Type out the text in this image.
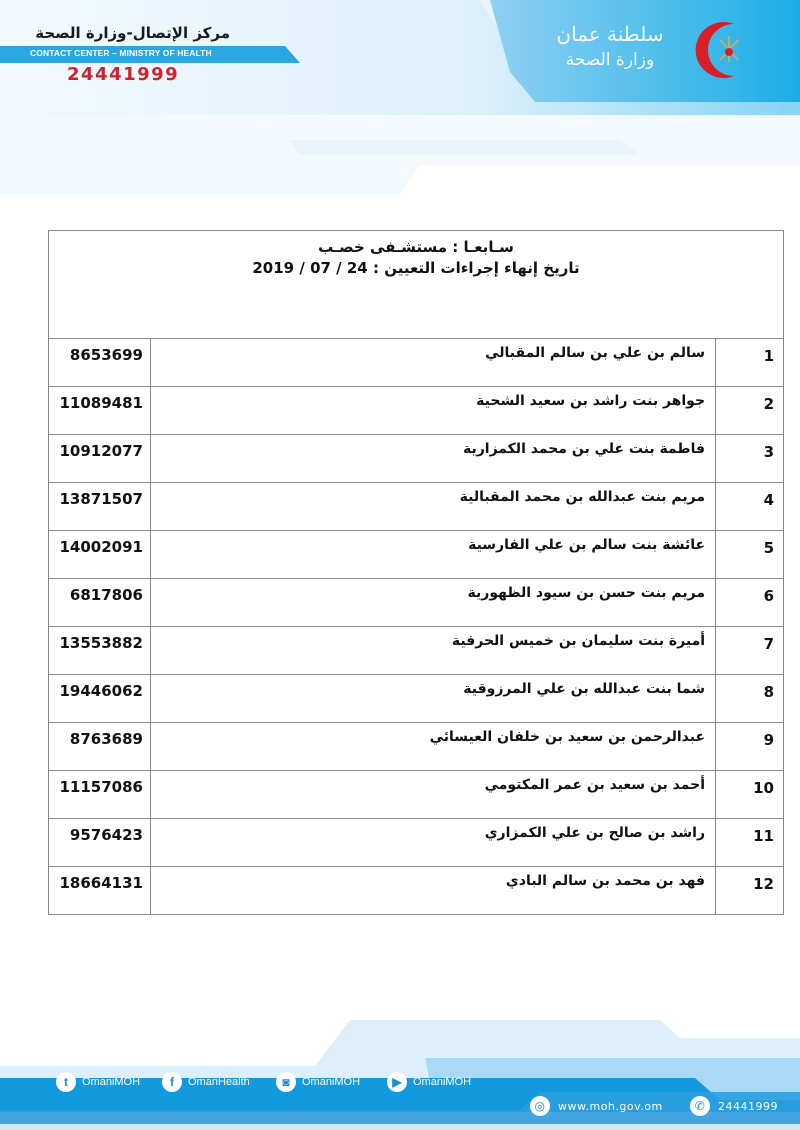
مركز الإتصال-وزارة الصحة
CONTACT CENTER – MINISTRY OF HEALTH
24441999
سلطنة عمان
وزارة الصحة
سـابعـا : مستشـفى خصـب
تاريخ إنهاء إجراءات التعيين : 24 / 07 / 2019		

8653699	سالم بن علي بن سالم المقبالي	1
11089481	جواهر بنت راشد بن سعيد الشحية	2
10912077	فاطمة بنت علي بن محمد الكمزارية	3
13871507	مريم بنت عبدالله بن محمد المقبالية	4
14002091	عائشة بنت سالم بن علي الفارسية	5
6817806	مريم بنت حسن بن سيود الظهورية	6
13553882	أميرة بنت سليمان بن خميس الحرفية	7
19446062	شما بنت عبدالله بن علي المرزوقية	8
8763689	عبدالرحمن بن سعيد بن خلفان العيسائي	9
11157086	أحمد بن سعيد بن عمر المكتومي	10
9576423	راشد بن صالح بن علي الكمزاري	11
18664131	فهد بن محمد بن سالم البادي	12
t	OmaniMOH	f	OmanHealth	◙	OmaniMOH	▶	OmaniMOH
◎	www.moh.gov.om	✆	24441999
